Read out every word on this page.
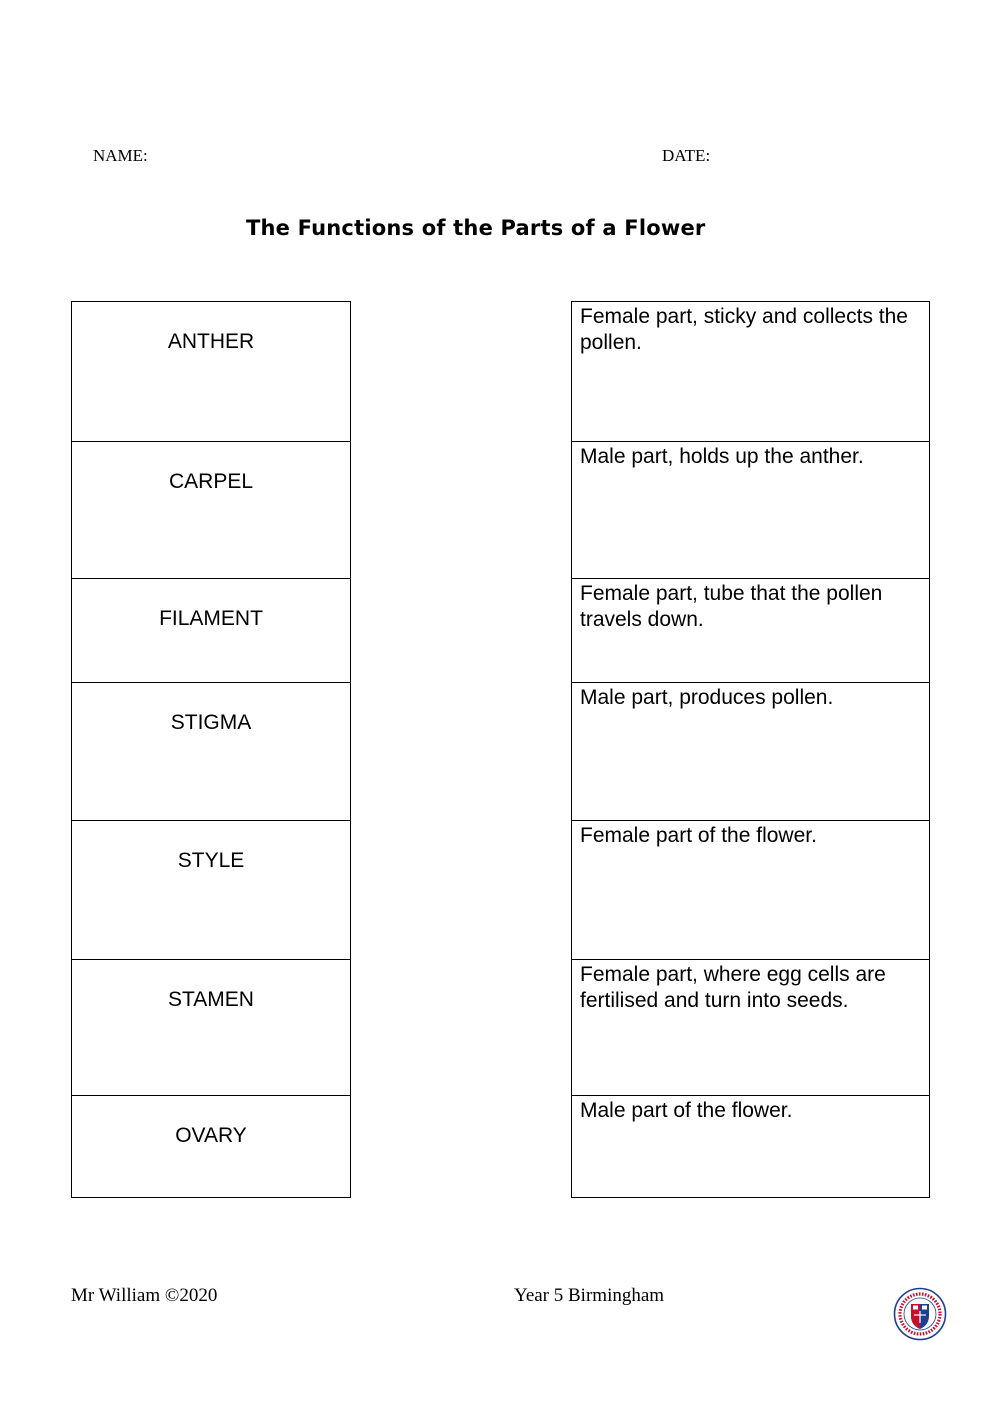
NAME:	DATE:
The Functions of the Parts of a Flower
ANTHER
CARPEL
FILAMENT
STIGMA
STYLE
STAMEN
OVARY
Female part, sticky and collects the pollen.
Male part, holds up the anther.
Female part, tube that the pollen travels down.
Male part, produces pollen.
Female part of the flower.
Female part, where egg cells are fertilised and turn into seeds.
Male part of the flower.
Mr William ©2020	Year 5 Birmingham
